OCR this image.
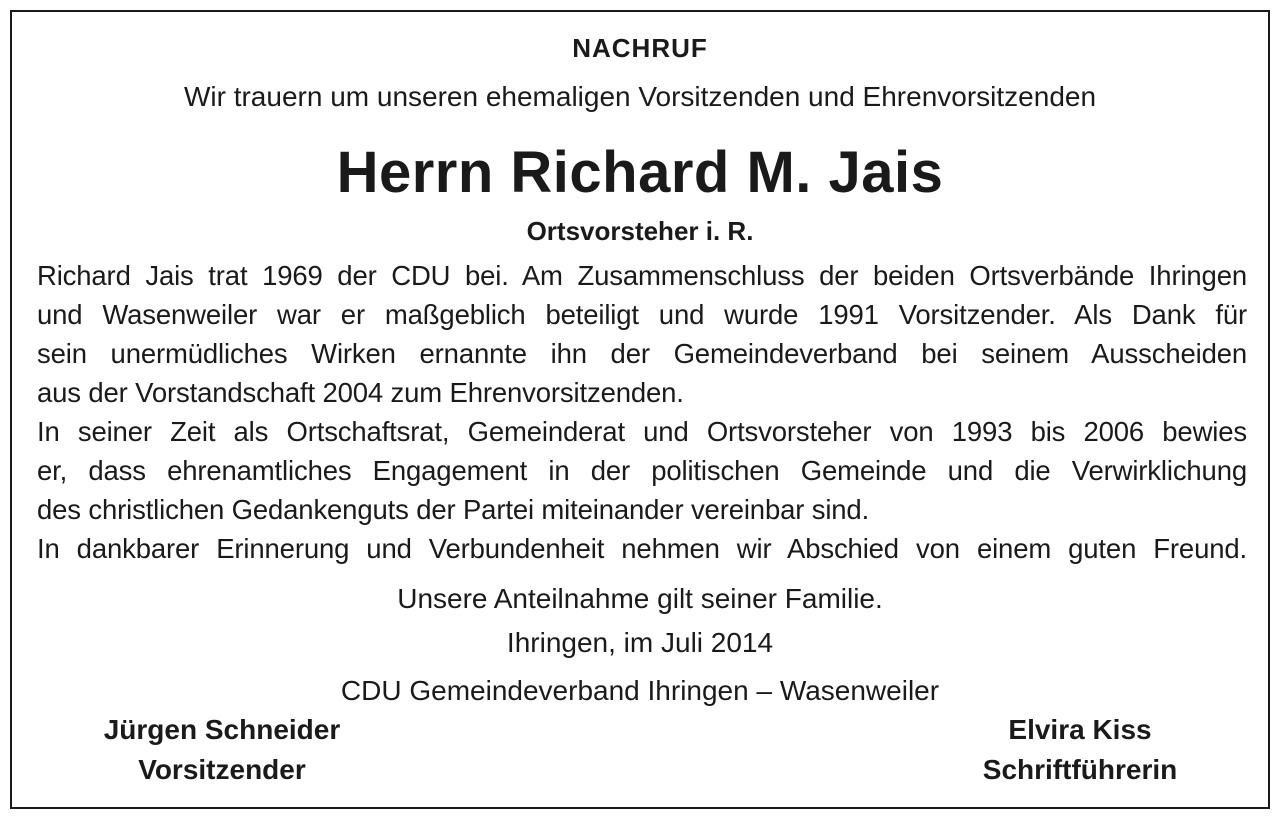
NACHRUF
Wir trauern um unseren ehemaligen Vorsitzenden und Ehrenvorsitzenden
Herrn Richard M. Jais
Ortsvorsteher i. R.
Richard Jais trat 1969 der CDU bei. Am Zusammenschluss der beiden Ortsverbände Ihringen
und Wasenweiler war er maßgeblich beteiligt und wurde 1991 Vorsitzender. Als Dank für
sein unermüdliches Wirken ernannte ihn der Gemeindeverband bei seinem Ausscheiden
aus der Vorstandschaft 2004 zum Ehrenvorsitzenden.
In seiner Zeit als Ortschaftsrat, Gemeinderat und Ortsvorsteher von 1993 bis 2006 bewies
er, dass ehrenamtliches Engagement in der politischen Gemeinde und die Verwirklichung
des christlichen Gedankenguts der Partei miteinander vereinbar sind.
In dankbarer Erinnerung und Verbundenheit nehmen wir Abschied von einem guten Freund.
Unsere Anteilnahme gilt seiner Familie.
Ihringen, im Juli 2014
CDU Gemeindeverband Ihringen – Wasenweiler
Jürgen Schneider
Vorsitzender
Elvira Kiss
Schriftführerin
